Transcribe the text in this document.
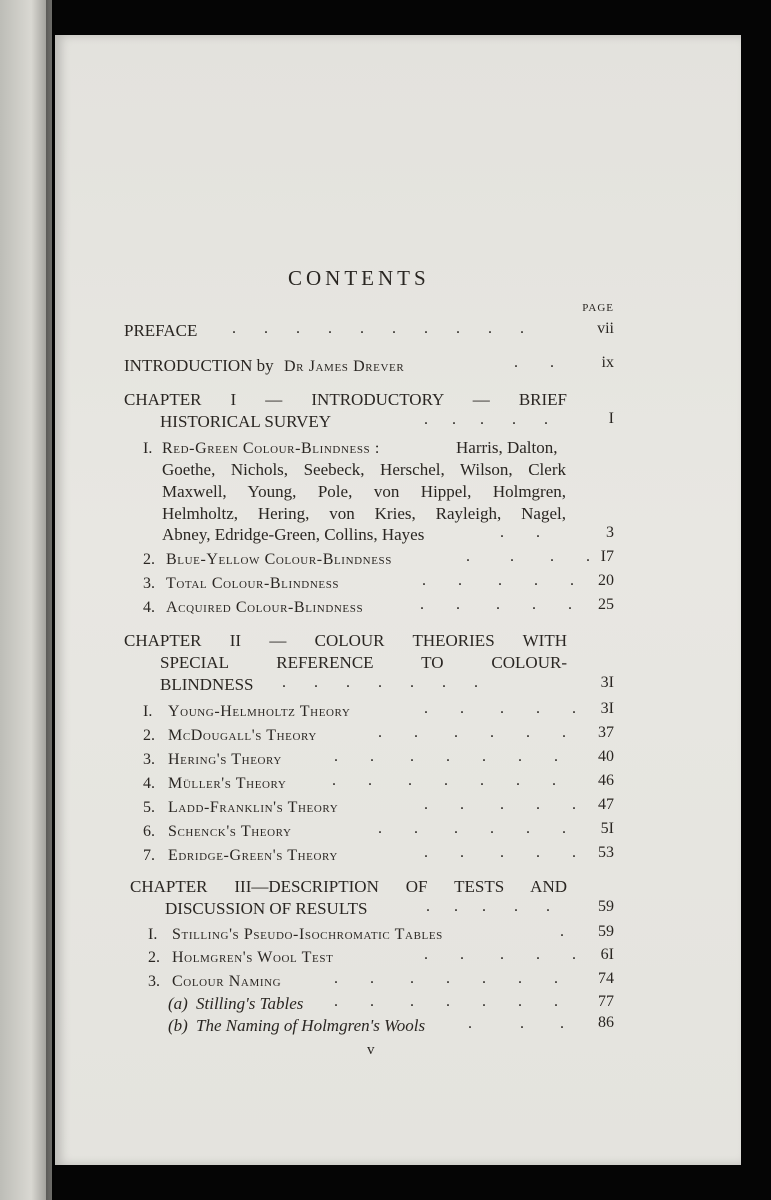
CONTENTS
PAGE
PREFACE .       .       .       .       .       .       .       .       .       .	vii
INTRODUCTION by Dr James Drever	.        .	ix
CHAPTER I — INTRODUCTORY — BRIEF
HISTORICAL SURVEY	.      .      .       .       .	I
I. Red-Green Colour-Blindness :	Harris, Dalton,
Goethe, Nichols, Seebeck, Herschel, Wilson, Clerk
Maxwell, Young, Pole, von Hippel, Holmgren,
Helmholtz, Hering, von Kries, Rayleigh, Nagel,
Abney, Edridge-Green, Collins, Hayes	.        .	3
2. Blue-Yellow Colour-Blindness	.          .         .        . I7
3. Total Colour-Blindness	.        .         .        .        .	20
4. Acquired Colour-Blindness	.        .         .        .        .	25
CHAPTER II — COLOUR THEORIES WITH
SPECIAL REFERENCE TO COLOUR-
BLINDNESS .       .       .       .       .       .       .	3I
I. Young-Helmholtz Theory	.        .         .        .        .	3I
2. McDougall's Theory	.        .         .        .        .        .	37
3. Hering's Theory	.        .         .        .        .        .        .	40
4. Müller's Theory	.        .         .        .        .        .        .	46
5. Ladd-Franklin's Theory	.        .         .        .        .	47
6. Schenck's Theory	.        .         .        .        .        .	5I
7. Edridge-Green's Theory	.        .         .        .        .	53
CHAPTER III—DESCRIPTION OF TESTS AND
DISCUSSION OF RESULTS	.      .      .       .       .	59
I. Stilling's Pseudo-Isochromatic Tables	.	59
2. Holmgren's Wool Test	.        .         .        .        .	6I
3. Colour Naming	.        .         .        .        .        .        .	74
(a) Stilling's Tables .        .         .        .        .        .        .	77
(b) The Naming of Holmgren's Wools	.            .         .	86
v
